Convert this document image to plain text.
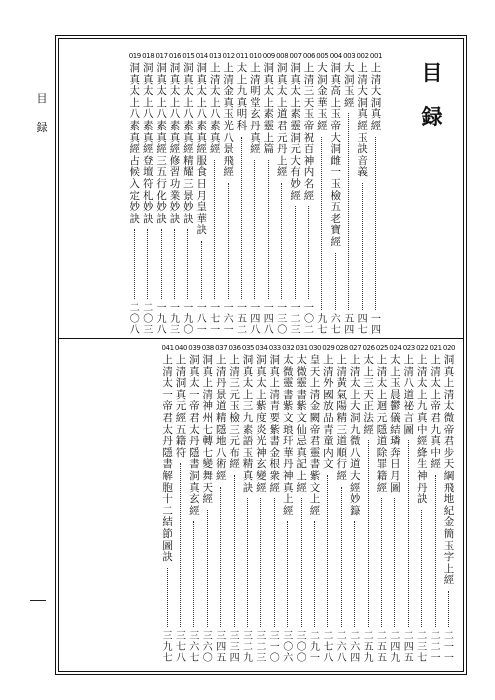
目
録
目
録
001
上
清
大
洞
真
經
一
四
002
上
清
大
洞
真
經
玉
訣
音
義
四
七
003
大
洞
玉
經
五
四
004
洞
真
高
上
玉
帝
大
洞
雌
一
玉
檢
五
老
寶
經
六
七
005
大
洞
金
華
玉
經
九
七
006
上
清
三
天
玉
帝
祝
百
神
内
名
經
一
〇
二
007
洞
真
太
上
素
靈
洞
元
大
有
妙
經
一
二
三
008
洞
真
太
上
道
君
元
丹
上
經
一
三
〇
009
洞
真
太
上
素
靈
上
篇
一
四
八
010
上
清
明
堂
玄
丹
真
經
一
四
八
011
太
上
九
真
明
科
一
五
二
012
上
清
金
真
玉
光
八
景
飛
經
一
六
一
013
上
清
太
上
八
素
真
經
一
七
一
014
洞
真
太
上
八
素
真
經
服
食
日
月
皇
華
訣
一
八
一
015
洞
真
太
上
八
素
真
經
精
耀
三
景
妙
訣
一
九
〇
016
洞
真
太
上
八
素
真
經
修
習
功
業
妙
訣
一
九
三
017
洞
真
太
上
八
素
真
經
三
五
行
化
妙
訣
一
九
八
018
洞
真
太
上
八
素
真
經
登
壇
符
札
妙
訣
二
〇
三
019
洞
真
太
上
八
素
真
經
占
候
入
定
妙
訣
二
〇
八
020
洞
真
上
清
太
微
帝
君
步
天
綱
飛
地
紀
金
簡
玉
字
上
經
二
一
一
021
上
清
太
上
帝
君
九
真
中
經
二
二
一
022
上
清
太
上
九
真
中
經
絳
生
神
丹
訣
二
三
七
023
上
清
八
道
祕
言
圖
二
四
五
024
太
上
玉
晨
鬱
儀
結
璘
奔
日
月
圖
二
四
九
025
上
清
太
上
迴
元
隱
道
除
罪
籍
經
二
五
五
026
太
上
三
天
正
法
經
二
五
九
027
上
清
太
上
大
洞
九
微
八
道
大
經
妙
籙
二
六
四
028
上
清
黃
氣
陽
精
三
道
順
行
經
二
六
八
029
上
清
外
國
放
品
青
童
内
文
二
七
八
030
皇
天
上
清
金
闕
帝
君
靈
書
紫
文
上
經
二
九
一
031
太
微
靈
書
紫
文
仙
忌
真
記
上
經
三
〇
〇
032
太
微
靈
書
紫
文
琅
玕
華
丹
神
真
上
經
三
〇
六
033
洞
真
上
清
青
要
紫
書
金
根
衆
經
三
一
〇
034
洞
真
太
上
紫
度
炎
光
神
玄
變
經
三
二
三
035
洞
真
太
上
三
九
素
語
玉
精
真
訣
三
二
九
036
上
清
三
元
玉
檢
三
元
布
經
三
三
四
037
上
清
丹
景
道
精
隱
地
八
術
經
三
四
五
038
洞
真
上
清
神
州
七
轉
七
變
舞
天
經
三
六
〇
039
洞
真
太
一
帝
君
太
丹
隱
書
洞
真
玄
經
三
六
七
040
上
清
洞
真
元
經
五
籍
符
三
七
八
041
上
清
太
一
帝
君
太
丹
隱
書
解
胞
十
二
結
節
圖
訣
三
九
七
